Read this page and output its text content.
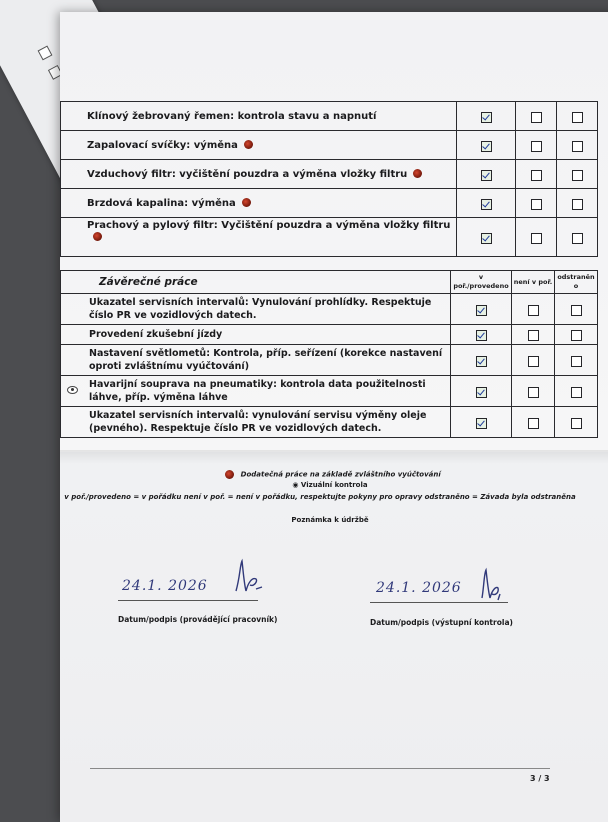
Klínový žebrovaný řemen: kontrola stavu a napnutí			
Zapalovací svíčky: výměna			
Vzduchový filtr: vyčištění pouzdra a výměna vložky filtru			
Brzdová kapalina: výměna			
Prachový a pylový filtr: Vyčištění pouzdra a výměna vložky filtru

Závěrečné práce	v poř./provedeno	není v poř.	odstraněn o
Ukazatel servisních intervalů: Vynulování prohlídky. Respektuje číslo PR ve vozidlových datech.			
Provedení zkušební jízdy			
Nastavení světlometů: Kontrola, příp. seřízení (korekce nastavení oproti zvláštnímu vyúčtování)			

Havarijní souprava na pneumatiky: kontrola data použitelnosti láhve, příp. výměna láhve			
Ukazatel servisních intervalů: vynulování servisu výměny oleje (pevného). Respektuje číslo PR ve vozidlových datech.			
Dodatečná práce na základě zvláštního vyúčtování
◉ Vizuální kontrola
v poř./provedeno = v pořádku není v poř. = není v pořádku, respektujte pokyny pro opravy odstraněno = Závada byla odstraněna
Poznámka k údržbě
24.1. 2026
Datum/podpis (provádějící pracovník)
24.1. 2026
Datum/podpis (výstupní kontrola)
3 / 3
